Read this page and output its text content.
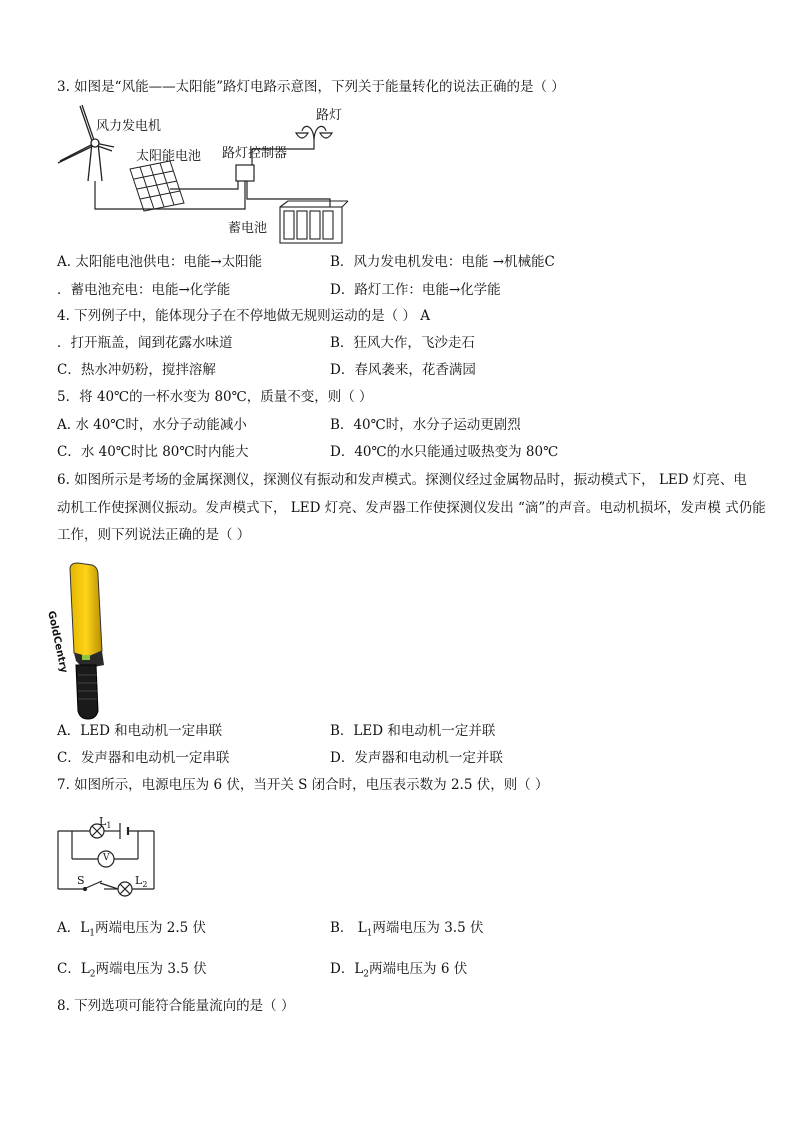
3. 如图是“风能——太阳能”路灯电路示意图，下列关于能量转化的说法正确的是（ ）
风力发电机
太阳能电池 路灯控制器
路灯
蓄电池
A. 太阳能电池供电：电能→太阳能	B．风力发电机发电：电能 →机械能C
．蓄电池充电：电能→化学能	D．路灯工作：电能→化学能
4. 下列例子中，能体现分子在不停地做无规则运动的是（ ） A
．打开瓶盖，闻到花露水味道	B．狂风大作，飞沙走石
C．热水冲奶粉，搅拌溶解	D．春风袭来，花香满园
5．将 40℃的一杯水变为 80℃，质量不变，则（ ）
A. 水 40℃时，水分子动能减小	B．40℃时，水分子运动更剧烈
C．水 40℃时比 80℃时内能大	D．40℃的水只能通过吸热变为 80℃
6. 如图所示是考场的金属探测仪，探测仪有振动和发声模式。探测仪经过金属物品时，振动模式下， LED 灯亮、电
动机工作使探测仪振动。发声模式下， LED 灯亮、发声器工作使探测仪发出 “滴”的声音。电动机损坏，发声模 式仍能
工作，则下列说法正确的是（ ）
GoldCentry
A．LED 和电动机一定串联	B．LED 和电动机一定并联
C．发声器和电动机一定串联	D．发声器和电动机一定并联
7. 如图所示，电源电压为 6 伏，当开关 S 闭合时，电压表示数为 2.5 伏，则（ ）
$L_1$
V
S	$L_2$
A．$L_1$两端电压为 2.5 伏	B． $L_1$两端电压为 3.5 伏
C．$L_2$两端电压为 3.5 伏	D．$L_2$两端电压为 6 伏
8. 下列选项可能符合能量流向的是（ ）
